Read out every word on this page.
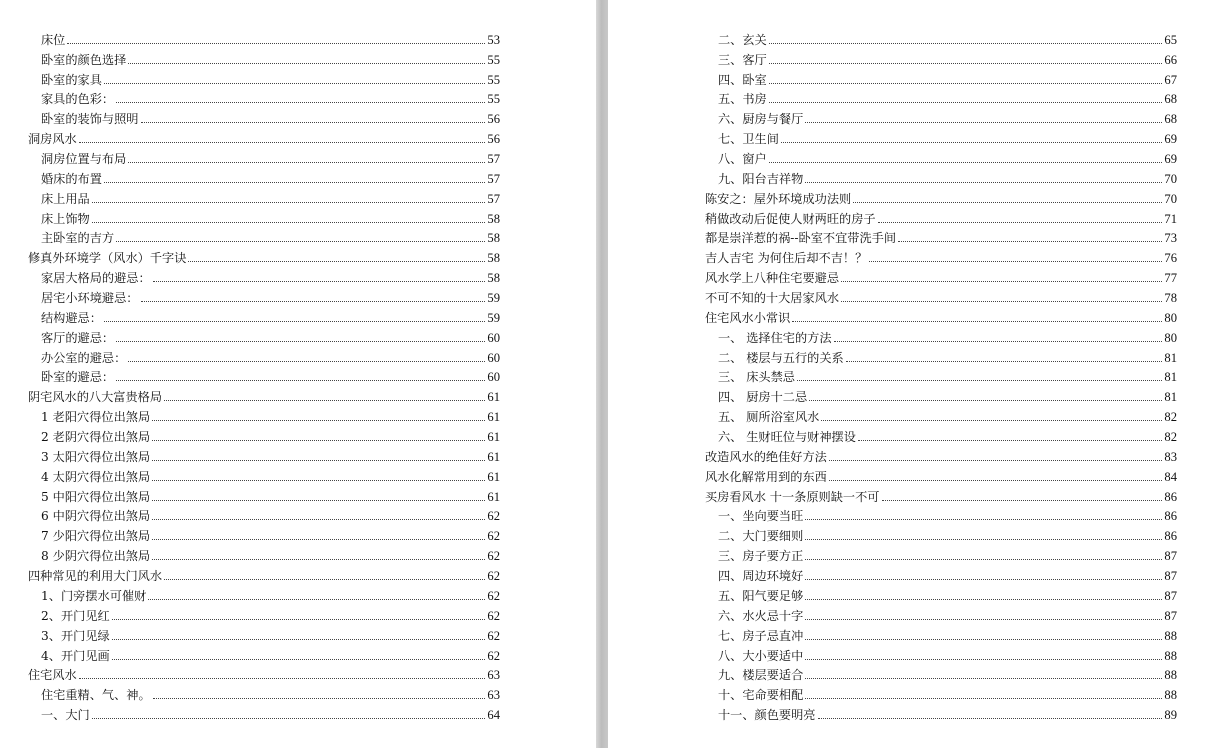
床位	53
卧室的颜色选择	55
卧室的家具	55
家具的色彩：	55
卧室的装饰与照明	56
洞房风水	56
洞房位置与布局	57
婚床的布置	57
床上用品	57
床上饰物	58
主卧室的吉方	58
修真外环境学（风水）千字诀	58
家居大格局的避忌：	58
居宅小环境避忌：	59
结构避忌：	59
客厅的避忌：	60
办公室的避忌：	60
卧室的避忌：	60
阴宅风水的八大富贵格局	61
1 老阳穴得位出煞局	61
2 老阴穴得位出煞局	61
3 太阳穴得位出煞局	61
4 太阴穴得位出煞局	61
5 中阳穴得位出煞局	61
6 中阴穴得位出煞局	62
7 少阳穴得位出煞局	62
8 少阴穴得位出煞局	62
四种常见的利用大门风水	62
1、门旁摆水可催财	62
2、开门见红	62
3、开门见绿	62
4、开门见画	62
住宅风水	63
住宅重精、气、神。	63
一、大门	64
二、玄关	65
三、客厅	66
四、卧室	67
五、书房	68
六、厨房与餐厅	68
七、卫生间	69
八、窗户	69
九、阳台吉祥物	70
陈安之：屋外环境成功法则	70
稍做改动后促使人财两旺的房子	71
都是崇洋惹的祸--卧室不宜带洗手间	73
吉人吉宅 为何住后却不吉！？	76
风水学上八种住宅要避忌	77
不可不知的十大居家风水	78
住宅风水小常识	80
一、 选择住宅的方法	80
二、 楼层与五行的关系	81
三、 床头禁忌	81
四、 厨房十二忌	81
五、 厕所浴室风水	82
六、 生财旺位与财神摆设	82
改造风水的绝佳好方法	83
风水化解常用到的东西	84
买房看风水 十一条原则缺一不可	86
一、坐向要当旺	86
二、大门要细则	86
三、房子要方正	87
四、周边环境好	87
五、阳气要足够	87
六、水火忌十字	87
七、房子忌直冲	88
八、大小要适中	88
九、楼层要适合	88
十、宅命要相配	88
十一、颜色要明亮	89
